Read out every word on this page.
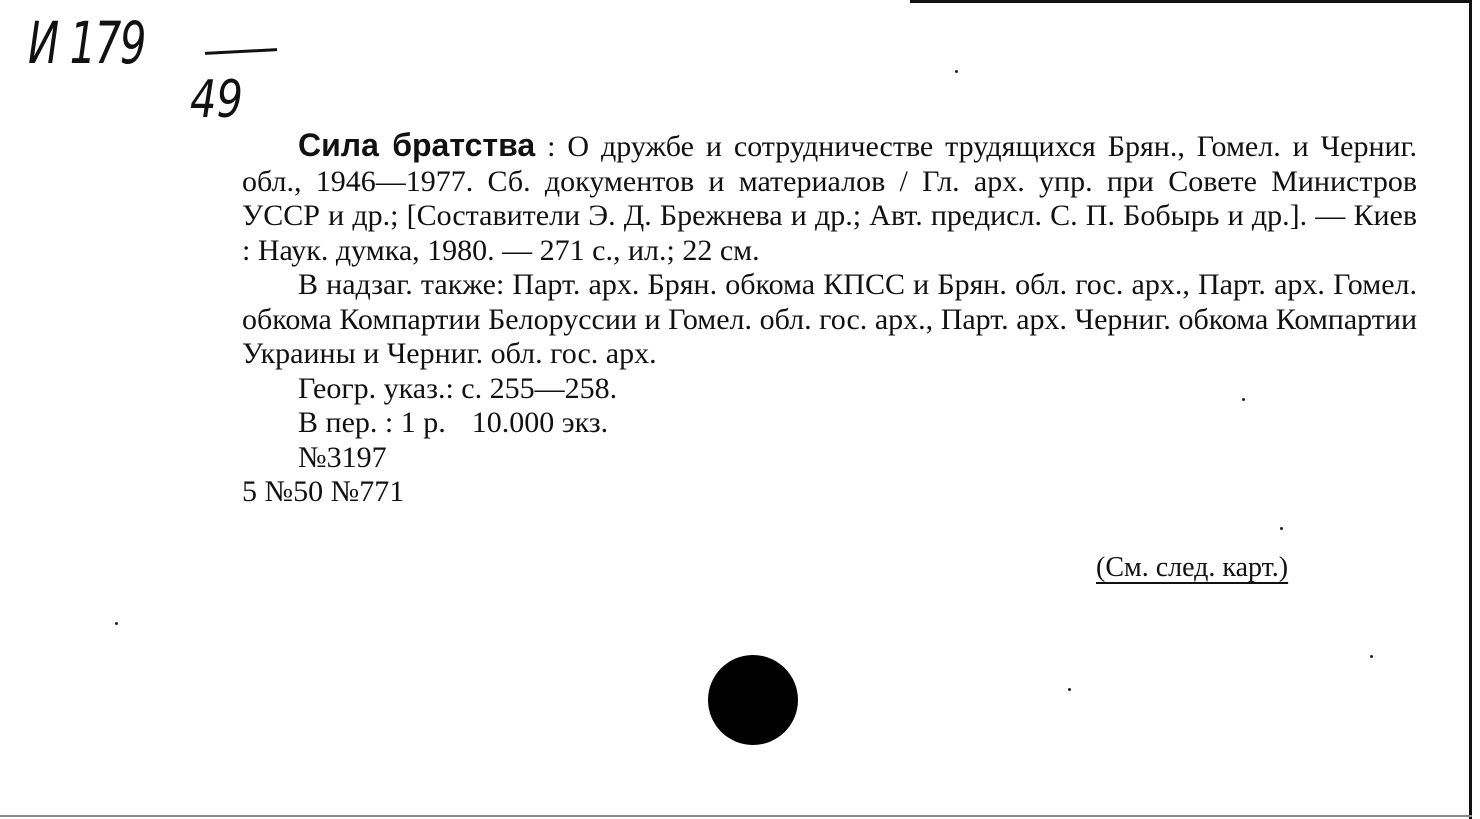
И 179
49

Сила братства : О дружбе и сотрудничестве трудящихся Брян., Гомел. и Черниг. обл., 1946—1977. Сб. документов и материалов / Гл. арх. упр. при Совете Министров УССР и др.; [Составители Э. Д. Брежнева и др.; Авт. предисл. С. П. Бобырь и др.]. — Киев : Наук. думка, 1980. — 271 с., ил.; 22 см.

В надзаг. также: Парт. арх. Брян. обкома КПСС и Брян. обл. гос. арх., Парт. арх. Гомел. обкома Компартии Белоруссии и Гомел. обл. гос. арх., Парт. арх. Черниг. обкома Компартии Украины и Черниг. обл. гос. арх.

Геогр. указ.: с. 255—258.

В пер. : 1 р. 10.000 экз.

№3197

5 №50 №771

(См. след. карт.)
